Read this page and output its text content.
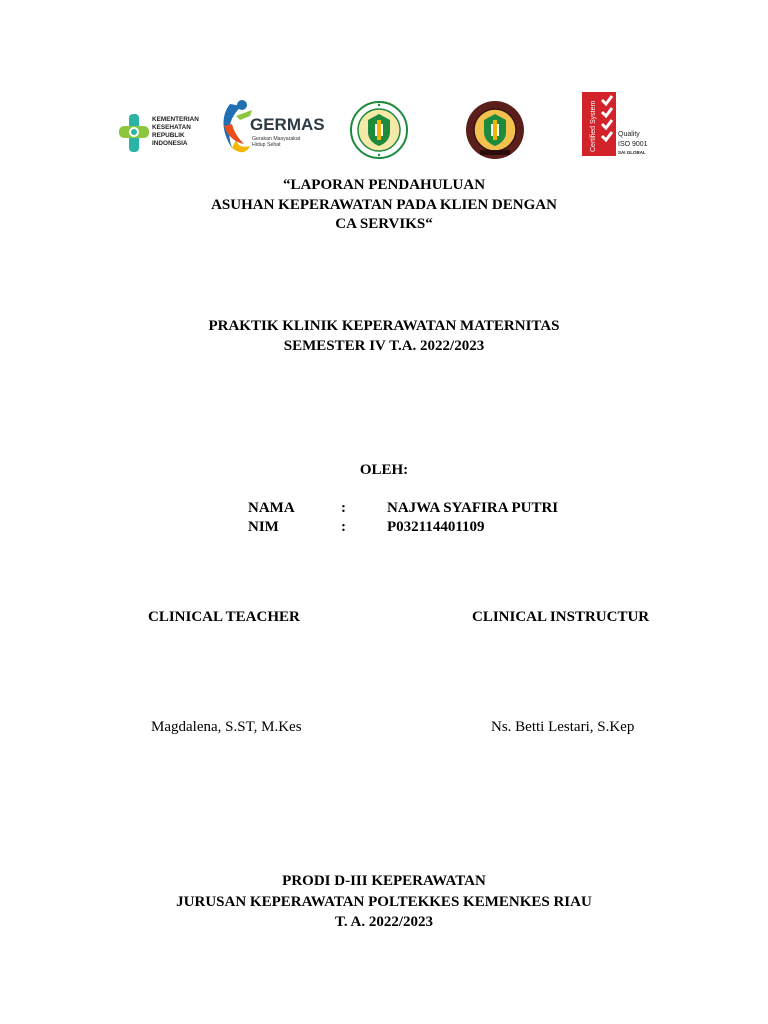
KEMENTERIAN
KESEHATAN
REPUBLIK
INDONESIA
GERMAS
Gerakan Masyarakat
Hidup Sehat	Certified System	Quality
ISO 9001
SAI GLOBAL
“LAPORAN PENDAHULUAN
ASUHAN KEPERAWATAN PADA KLIEN DENGAN
CA SERVIKS“
PRAKTIK KLINIK KEPERAWATAN MATERNITAS
SEMESTER IV T.A. 2022/2023
OLEH:
NAMA	:	NAJWA SYAFIRA PUTRI
NIM	:	P032114401109
CLINICAL TEACHER	CLINICAL INSTRUCTUR
Magdalena, S.ST, M.Kes	Ns. Betti Lestari, S.Kep
PRODI D-III KEPERAWATAN
JURUSAN KEPERAWATAN POLTEKKES KEMENKES RIAU
T. A. 2022/2023
